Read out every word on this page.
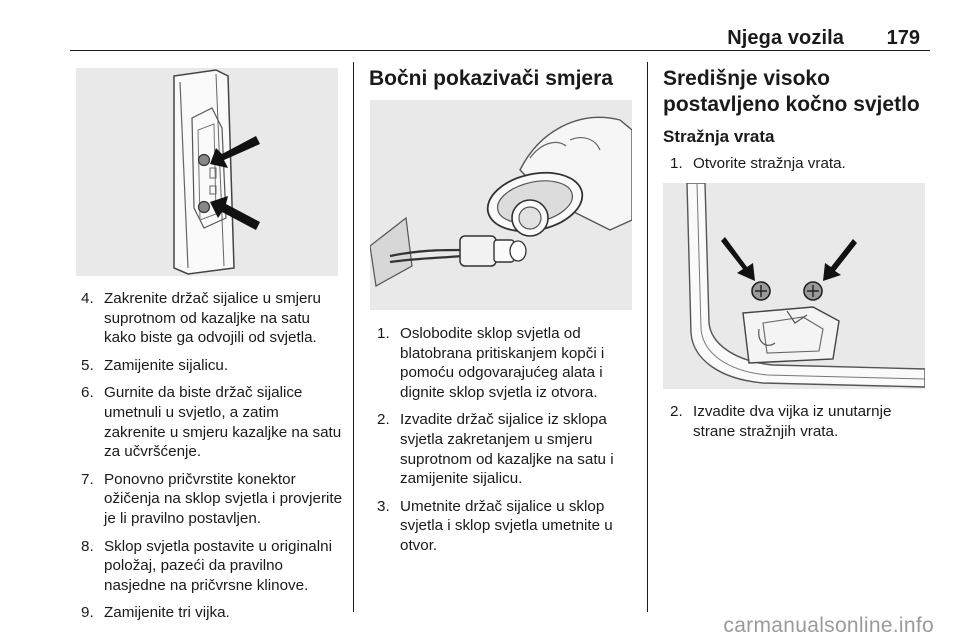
Njega vozila 179
4. Zakrenite držač sijalice u smjeru suprotnom od kazaljke na satu kako biste ga odvojili od svjetla.
5. Zamijenite sijalicu.
6. Gurnite da biste držač sijalice umetnuli u svjetlo, a zatim zakrenite u smjeru kazaljke na satu za učvršćenje.
7. Ponovno pričvrstite konektor ožičenja na sklop svjetla i provjerite je li pravilno postavljen.
8. Sklop svjetla postavite u originalni položaj, pazeći da pravilno nasjedne na pričvrsne klinove.
9. Zamijenite tri vijka.
Bočni pokazivači smjera
1. Oslobodite sklop svjetla od blatobrana pritiskanjem kopči i pomoću odgovarajućeg alata i dignite sklop svjetla iz otvora.
2. Izvadite držač sijalice iz sklopa svjetla zakretanjem u smjeru suprotnom od kazaljke na satu i zamijenite sijalicu.
3. Umetnite držač sijalice u sklop svjetla i sklop svjetla umetnite u otvor.
Središnje visoko
postavljeno kočno svjetlo
Stražnja vrata
1. Otvorite stražnja vrata.
2. Izvadite dva vijka iz unutarnje strane stražnjih vrata.
carmanualsonline.info
